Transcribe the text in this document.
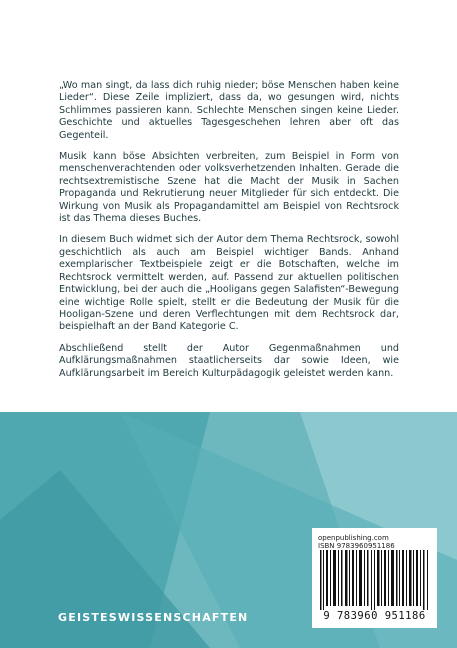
„Wo man singt, da lass dich ruhig nieder; böse Menschen haben keine Lieder“. Diese Zeile impliziert, dass da, wo gesungen wird, nichts Schlimmes passieren kann. Schlechte Menschen singen keine Lieder. Geschichte und aktuelles Tagesgeschehen lehren aber oft das Gegenteil.

Musik kann böse Absichten verbreiten, zum Beispiel in Form von menschenverachtenden oder volksverhetzenden Inhalten. Gerade die rechtsextremistische Szene hat die Macht der Musik in Sachen Propaganda und Rekrutierung neuer Mitglieder für sich entdeckt. Die Wirkung von Musik als Propagandamittel am Beispiel von Rechtsrock ist das Thema dieses Buches.

In diesem Buch widmet sich der Autor dem Thema Rechtsrock, sowohl geschichtlich als auch am Beispiel wichtiger Bands. Anhand exemplarischer Textbeispiele zeigt er die Botschaften, welche im Rechtsrock vermittelt werden, auf. Passend zur aktuellen politischen Entwicklung, bei der auch die „Hooligans gegen Salafisten“-Bewegung eine wichtige Rolle spielt, stellt er die Bedeutung der Musik für die Hooligan-Szene und deren Verflechtungen mit dem Rechtsrock dar, beispielhaft an der Band Kategorie C.

Abschließend stellt der Autor Gegenmaßnahmen und Aufklärungsmaßnahmen staatlicherseits dar sowie Ideen, wie Aufklärungsarbeit im Bereich Kulturpädagogik geleistet werden kann.

openpublishing.com
ISBN 9783960951186
9 783960 951186
GEISTESWISSENSCHAFTEN
